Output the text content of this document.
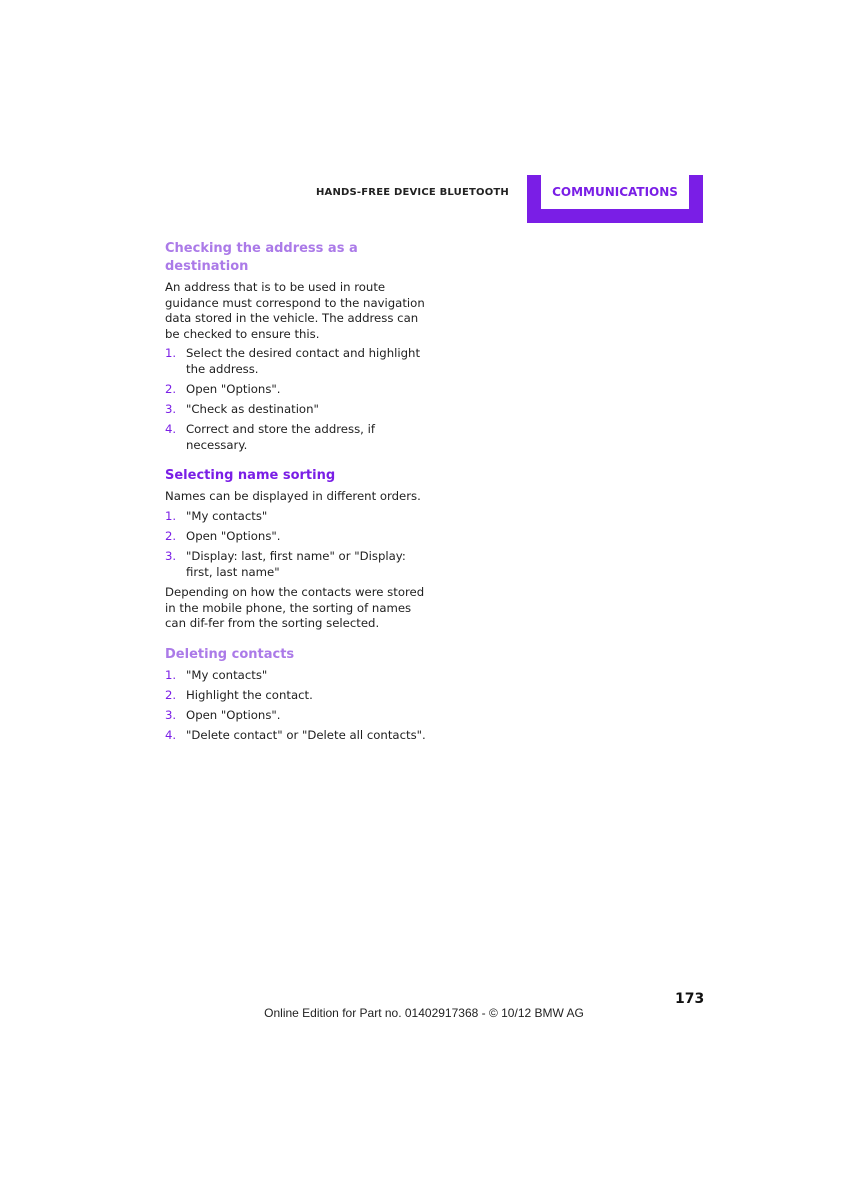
HANDS-FREE DEVICE BLUETOOTH	COMMUNICATIONS
Checking the address as a destination

An address that is to be used in route guidance must correspond to the navigation data stored in the vehicle. The address can be checked to ensure this.

1. Select the desired contact and highlight the address.
2. Open "Options".
3. "Check as destination"
4. Correct and store the address, if necessary.
Selecting name sorting

Names can be displayed in different orders.

1. "My contacts"
2. Open "Options".
3. "Display: last, first name" or "Display: first, last name"

Depending on how the contacts were stored in the mobile phone, the sorting of names can dif-fer from the sorting selected.

Deleting contacts
1. "My contacts"
2. Highlight the contact.
3. Open "Options".
4. "Delete contact" or "Delete all contacts".
173
Online Edition for Part no. 01402917368 - © 10/12 BMW AG
